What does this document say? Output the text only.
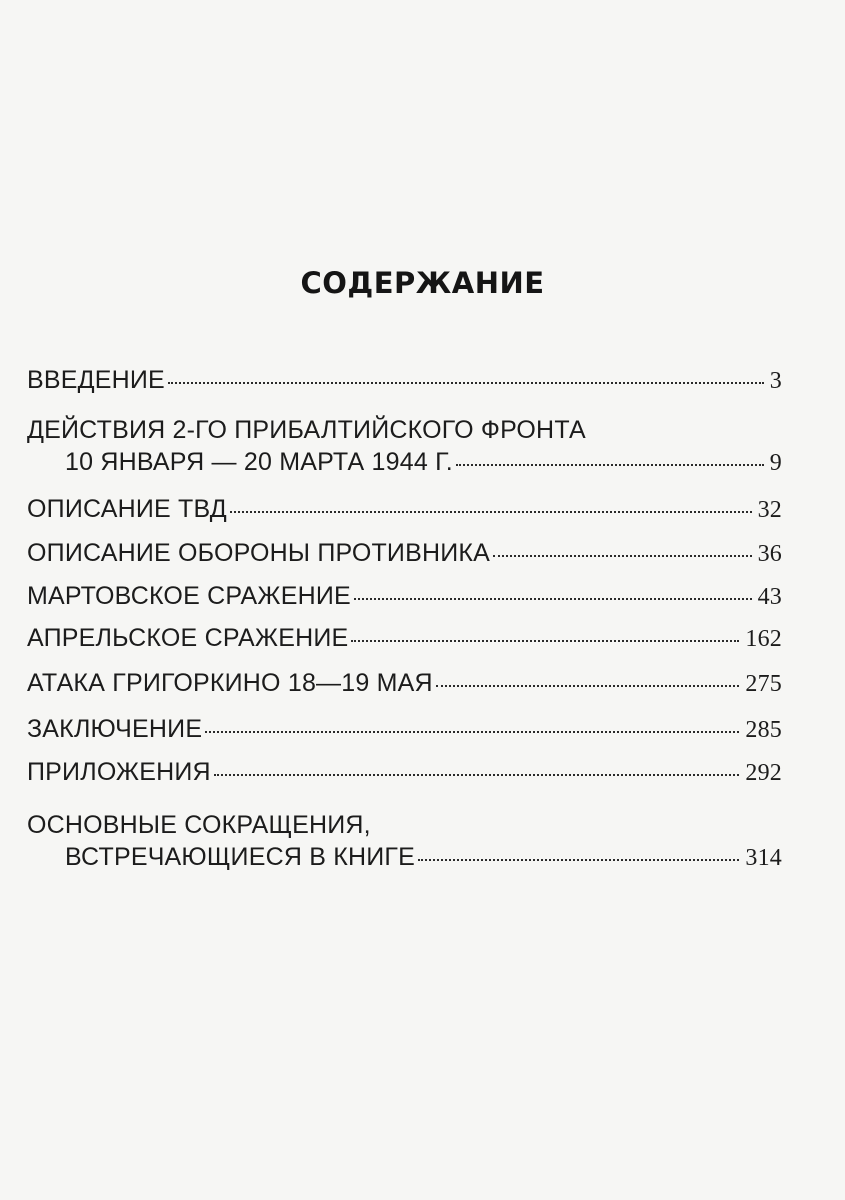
СОДЕРЖАНИЕ
ВВЕДЕНИЕ	3
ДЕЙСТВИЯ 2-ГО ПРИБАЛТИЙСКОГО ФРОНТА
10 ЯНВАРЯ — 20 МАРТА 1944 Г.	9
ОПИСАНИЕ ТВД	32
ОПИСАНИЕ ОБОРОНЫ ПРОТИВНИКА	36
МАРТОВСКОЕ СРАЖЕНИЕ	43
АПРЕЛЬСКОЕ СРАЖЕНИЕ	162
АТАКА ГРИГОРКИНО 18—19 МАЯ	275
ЗАКЛЮЧЕНИЕ	285
ПРИЛОЖЕНИЯ	292
ОСНОВНЫЕ СОКРАЩЕНИЯ,
ВСТРЕЧАЮЩИЕСЯ В КНИГЕ	314
